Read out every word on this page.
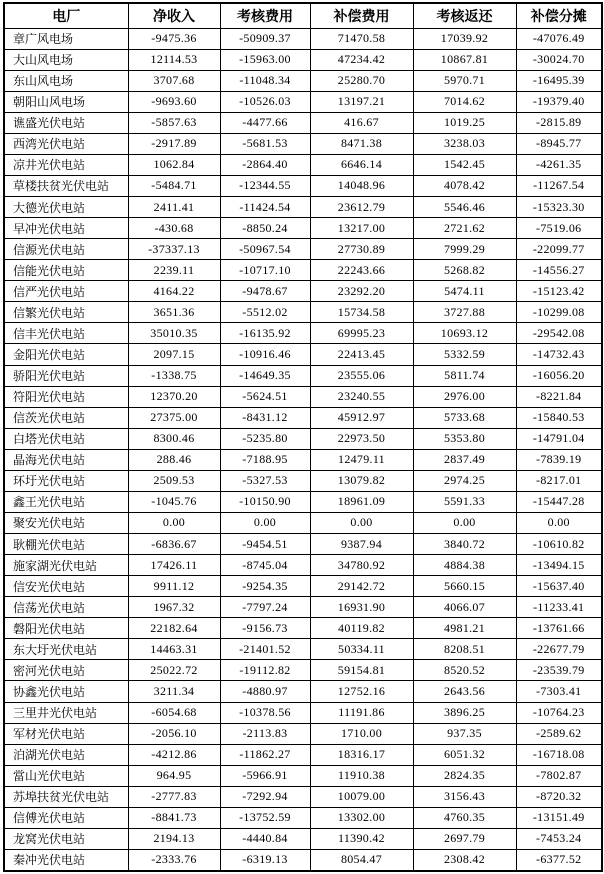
电厂	净收入	考核费用	补偿费用	考核返还	补偿分摊
章广风电场	-9475.36	-50909.37	71470.58	17039.92	-47076.49
大山风电场	12114.53	-15963.00	47234.42	10867.81	-30024.70
东山风电场	3707.68	-11048.34	25280.70	5970.71	-16495.39
朝阳山风电场	-9693.60	-10526.03	13197.21	7014.62	-19379.40
谯盛光伏电站	-5857.63	-4477.66	416.67	1019.25	-2815.89
西湾光伏电站	-2917.89	-5681.53	8471.38	3238.03	-8945.77
凉井光伏电站	1062.84	-2864.40	6646.14	1542.45	-4261.35
草楼扶贫光伏电站	-5484.71	-12344.55	14048.96	4078.42	-11267.54
大德光伏电站	2411.41	-11424.54	23612.79	5546.46	-15323.30
早冲光伏电站	-430.68	-8850.24	13217.00	2721.62	-7519.06
信源光伏电站	-37337.13	-50967.54	27730.89	7999.29	-22099.77
信能光伏电站	2239.11	-10717.10	22243.66	5268.82	-14556.27
信严光伏电站	4164.22	-9478.67	23292.20	5474.11	-15123.42
信繁光伏电站	3651.36	-5512.02	15734.58	3727.88	-10299.08
信丰光伏电站	35010.35	-16135.92	69995.23	10693.12	-29542.08
金阳光伏电站	2097.15	-10916.46	22413.45	5332.59	-14732.43
骄阳光伏电站	-1338.75	-14649.35	23555.06	5811.74	-16056.20
符阳光伏电站	12370.20	-5624.51	23240.55	2976.00	-8221.84
信茨光伏电站	27375.00	-8431.12	45912.97	5733.68	-15840.53
白塔光伏电站	8300.46	-5235.80	22973.50	5353.80	-14791.04
晶海光伏电站	288.46	-7188.95	12479.11	2837.49	-7839.19
环圩光伏电站	2509.53	-5327.53	13079.82	2974.25	-8217.01
鑫王光伏电站	-1045.76	-10150.90	18961.09	5591.33	-15447.28
聚安光伏电站	0.00	0.00	0.00	0.00	0.00
耿棚光伏电站	-6836.67	-9454.51	9387.94	3840.72	-10610.82
施家湖光伏电站	17426.11	-8745.04	34780.92	4884.38	-13494.15
信安光伏电站	9911.12	-9254.35	29142.72	5660.15	-15637.40
信荡光伏电站	1967.32	-7797.24	16931.90	4066.07	-11233.41
磐阳光伏电站	22182.64	-9156.73	40119.82	4981.21	-13761.66
东大圩光伏电站	14463.31	-21401.52	50334.11	8208.51	-22677.79
密河光伏电站	25022.72	-19112.82	59154.81	8520.52	-23539.79
协鑫光伏电站	3211.34	-4880.97	12752.16	2643.56	-7303.41
三里井光伏电站	-6054.68	-10378.56	11191.86	3896.25	-10764.23
军材光伏电站	-2056.10	-2113.83	1710.00	937.35	-2589.62
泊湖光伏电站	-4212.86	-11862.27	18316.17	6051.32	-16718.08
當山光伏电站	964.95	-5966.91	11910.38	2824.35	-7802.87
苏埠扶贫光伏电站	-2777.83	-7292.94	10079.00	3156.43	-8720.32
信傅光伏电站	-8841.73	-13752.59	13302.00	4760.35	-13151.49
龙窝光伏电站	2194.13	-4440.84	11390.42	2697.79	-7453.24
秦冲光伏电站	-2333.76	-6319.13	8054.47	2308.42	-6377.52
